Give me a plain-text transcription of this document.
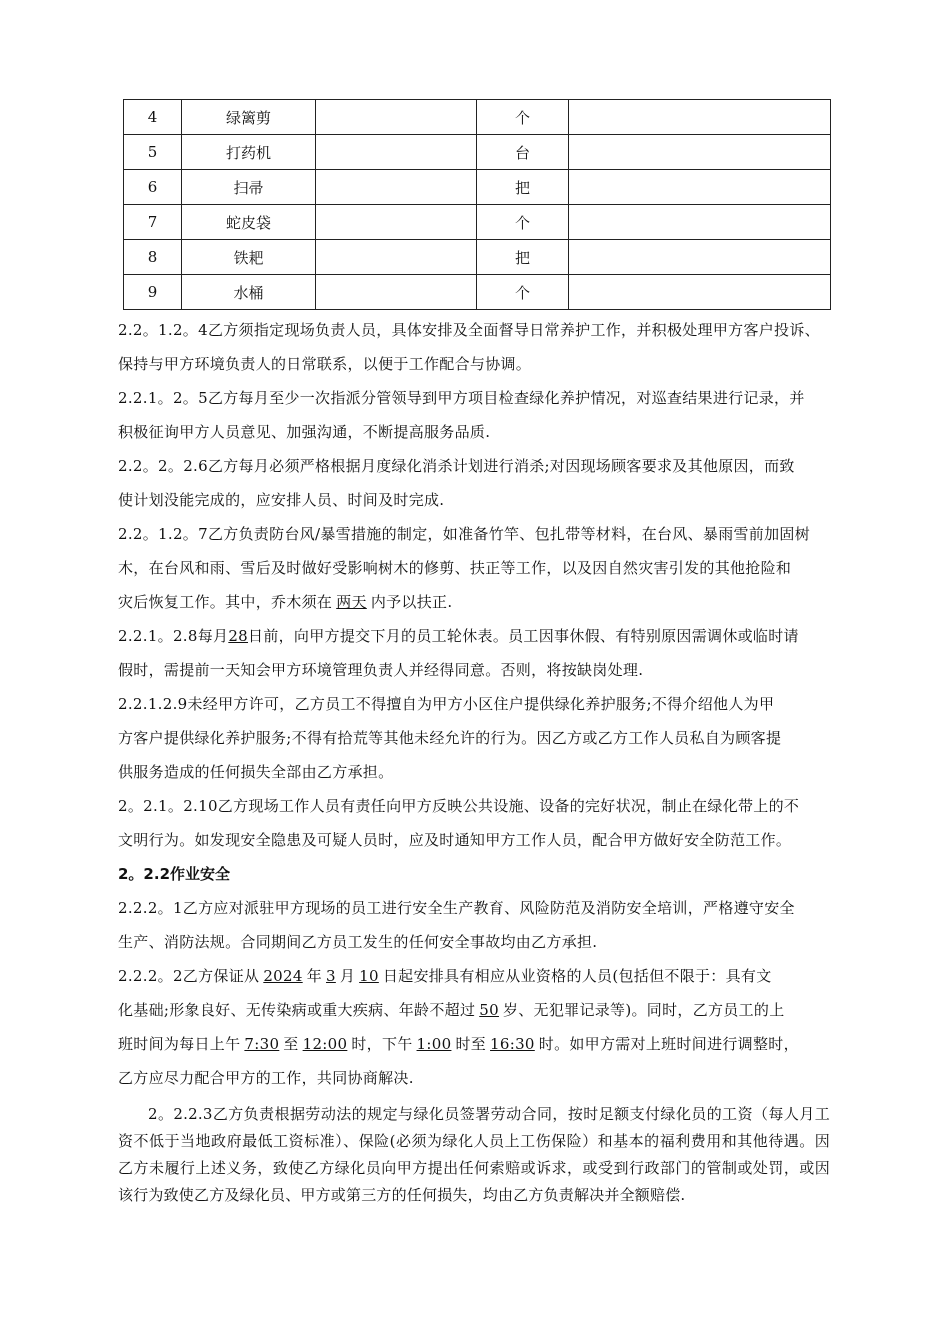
4	绿篱剪		个	
5	打药机		台	
6	扫帚		把	
7	蛇皮袋		个	
8	铁耙		把	
9	水桶		个	

2.2。1.2。4乙方须指定现场负责人员，具体安排及全面督导日常养护工作，并积极处理甲方客户投诉、
保持与甲方环境负责人的日常联系，以便于工作配合与协调。

2.2.1。2。5乙方每月至少一次指派分管领导到甲方项目检查绿化养护情况，对巡查结果进行记录，并
积极征询甲方人员意见、加强沟通，不断提高服务品质.

2.2。2。2.6乙方每月必须严格根据月度绿化消杀计划进行消杀;对因现场顾客要求及其他原因，而致
使计划没能完成的，应安排人员、时间及时完成.

2.2。1.2。7乙方负责防台风/暴雪措施的制定，如准备竹竿、包扎带等材料，在台风、暴雨雪前加固树
木，在台风和雨、雪后及时做好受影响树木的修剪、扶正等工作，以及因自然灾害引发的其他抢险和
灾后恢复工作。其中，乔木须在 两天 内予以扶正.

2.2.1。2.8每月28日前，向甲方提交下月的员工轮休表。员工因事休假、有特别原因需调休或临时请
假时，需提前一天知会甲方环境管理负责人并经得同意。否则，将按缺岗处理.

2.2.1.2.9未经甲方许可，乙方员工不得擅自为甲方小区住户提供绿化养护服务;不得介绍他人为甲
方客户提供绿化养护服务;不得有拾荒等其他未经允许的行为。因乙方或乙方工作人员私自为顾客提
供服务造成的任何损失全部由乙方承担。

2。2.1。2.10乙方现场工作人员有责任向甲方反映公共设施、设备的完好状况，制止在绿化带上的不
文明行为。如发现安全隐患及可疑人员时，应及时通知甲方工作人员，配合甲方做好安全防范工作。

2。2.2作业安全

2.2.2。1乙方应对派驻甲方现场的员工进行安全生产教育、风险防范及消防安全培训，严格遵守安全
生产、消防法规。合同期间乙方员工发生的任何安全事故均由乙方承担.

2.2.2。2乙方保证从 2024 年 3 月 10 日起安排具有相应从业资格的人员(包括但不限于：具有文
化基础;形象良好、无传染病或重大疾病、年龄不超过 50 岁、无犯罪记录等)。同时，乙方员工的上
班时间为每日上午 7:30 至 12:00 时，下午 1:00 时至 16:30 时。如甲方需对上班时间进行调整时，
乙方应尽力配合甲方的工作，共同协商解决.

2。2.2.3乙方负责根据劳动法的规定与绿化员签署劳动合同，按时足额支付绿化员的工资（每人月工资不低于当地政府最低工资标准）、保险(必须为绿化人员上工伤保险）和基本的福利费用和其他待遇。因乙方未履行上述义务，致使乙方绿化员向甲方提出任何索赔或诉求，或受到行政部门的管制或处罚，或因该行为致使乙方及绿化员、甲方或第三方的任何损失，均由乙方负责解决并全额赔偿.
